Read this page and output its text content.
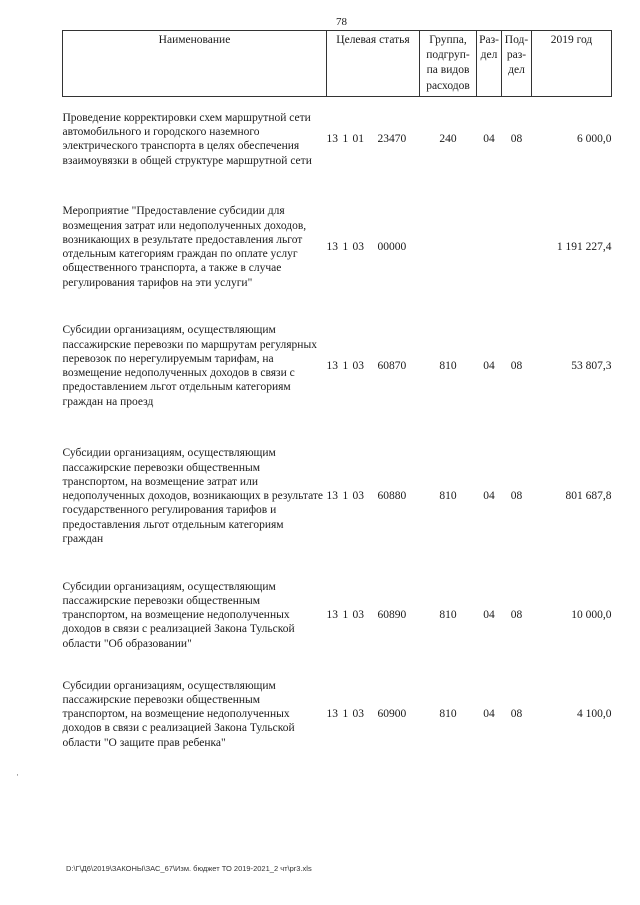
78
Наименование	Целевая статья	Группа, подгруп-па видов расходов	Раз-дел	Под-раз-дел	2019 год
Проведение корректировки схем маршрутной сети автомобильного и городского наземного электрического транспорта в целях обеспечения взаимоувязки в общей структуре маршрутной сети	13 1 01 23470	240	04	08	6 000,0

Мероприятие "Предоставление субсидии для возмещения затрат или недополученных доходов, возникающих в результате предоставления льгот отдельным категориям граждан по оплате услуг общественного транспорта, а также в случае регулирования тарифов на эти услуги"	13 1 03 00000				1 191 227,4

Субсидии организациям, осуществляющим пассажирские перевозки по маршрутам регулярных перевозок по нерегулируемым тарифам, на возмещение недополученных доходов в связи с предоставлением льгот отдельным категориям граждан на проезд	13 1 03 60870	810	04	08	53 807,3

Субсидии организациям, осуществляющим пассажирские перевозки общественным транспортом, на возмещение затрат или недополученных доходов, возникающих в результате государственного регулирования тарифов и предоставления льгот отдельным категориям граждан	13 1 03 60880	810	04	08	801 687,8

Субсидии организациям, осуществляющим пассажирские перевозки общественным транспортом, на возмещение недополученных доходов в связи с реализацией Закона Тульской области "Об образовании"	13 1 03 60890	810	04	08	10 000,0

Субсидии организациям, осуществляющим пассажирские перевозки общественным транспортом, на возмещение недополученных доходов в связи с реализацией Закона Тульской области "О защите прав ребенка"	13 1 03 60900	810	04	08	4 100,0
D:\Г\Д6\2019\ЗАКОНЫ\ЗАС_67\Изм. бюджет ТО 2019-2021_2 чт\pr3.xls
·
